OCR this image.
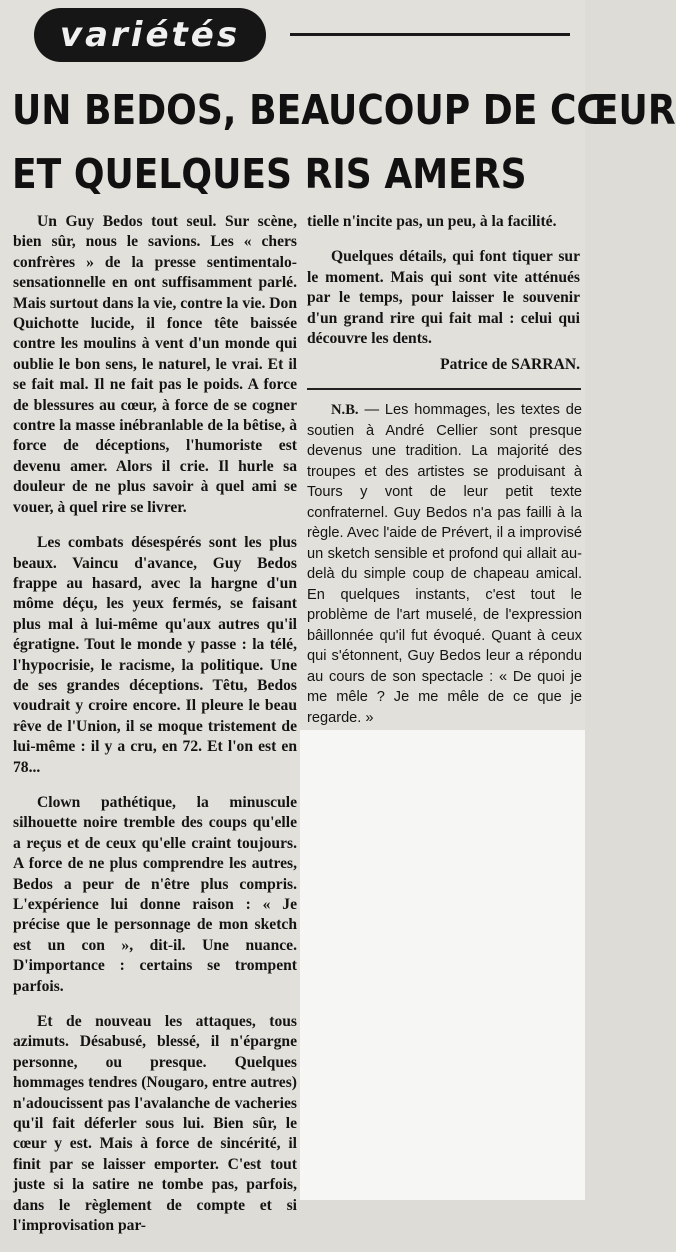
variétés
UN BEDOS, BEAUCOUP DE CŒUR
ET QUELQUES RIS AMERS

Un Guy Bedos tout seul. Sur scène, bien sûr, nous le savions. Les « chers confrères » de la presse sentimentalo-sensationnelle en ont suffisamment parlé. Mais surtout dans la vie, contre la vie. Don Quichotte lucide, il fonce tête baissée contre les moulins à vent d'un monde qui oublie le bon sens, le naturel, le vrai. Et il se fait mal. Il ne fait pas le poids. A force de blessures au cœur, à force de se cogner contre la masse inébranlable de la bêtise, à force de déceptions, l'humoriste est devenu amer. Alors il crie. Il hurle sa douleur de ne plus savoir à quel ami se vouer, à quel rire se livrer.

Les combats désespérés sont les plus beaux. Vaincu d'avance, Guy Bedos frappe au hasard, avec la hargne d'un môme déçu, les yeux fermés, se faisant plus mal à lui-même qu'aux autres qu'il égratigne. Tout le monde y passe : la télé, l'hypocrisie, le racisme, la politique. Une de ses grandes déceptions. Têtu, Bedos voudrait y croire encore. Il pleure le beau rêve de l'Union, il se moque tristement de lui-même : il y a cru, en 72. Et l'on est en 78...

Clown pathétique, la minuscule silhouette noire tremble des coups qu'elle a reçus et de ceux qu'elle craint toujours. A force de ne plus comprendre les autres, Bedos a peur de n'être plus compris. L'expérience lui donne raison : « Je précise que le personnage de mon sketch est un con », dit-il. Une nuance. D'importance : certains se trompent parfois.

Et de nouveau les attaques, tous azimuts. Désabusé, blessé, il n'épargne personne, ou presque. Quelques hommages tendres (Nougaro, entre autres) n'adoucissent pas l'avalanche de vacheries qu'il fait déferler sous lui. Bien sûr, le cœur y est. Mais à force de sincérité, il finit par se laisser emporter. C'est tout juste si la satire ne tombe pas, parfois, dans le règlement de compte et si l'improvisation par-

tielle n'incite pas, un peu, à la facilité.

Quelques détails, qui font tiquer sur le moment. Mais qui sont vite atténués par le temps, pour laisser le souvenir d'un grand rire qui fait mal : celui qui découvre les dents.

Patrice de SARRAN.

N.B. — Les hommages, les textes de soutien à André Cellier sont presque devenus une tradition. La majorité des troupes et des artistes se produisant à Tours y vont de leur petit texte confraternel. Guy Bedos n'a pas failli à la règle. Avec l'aide de Prévert, il a improvisé un sketch sensible et profond qui allait au-delà du simple coup de chapeau amical. En quelques instants, c'est tout le problème de l'art muselé, de l'expression bâillonnée qu'il fut évoqué. Quant à ceux qui s'étonnent, Guy Bedos leur a répondu au cours de son spectacle : « De quoi je me mêle ? Je me mêle de ce que je regarde. »
